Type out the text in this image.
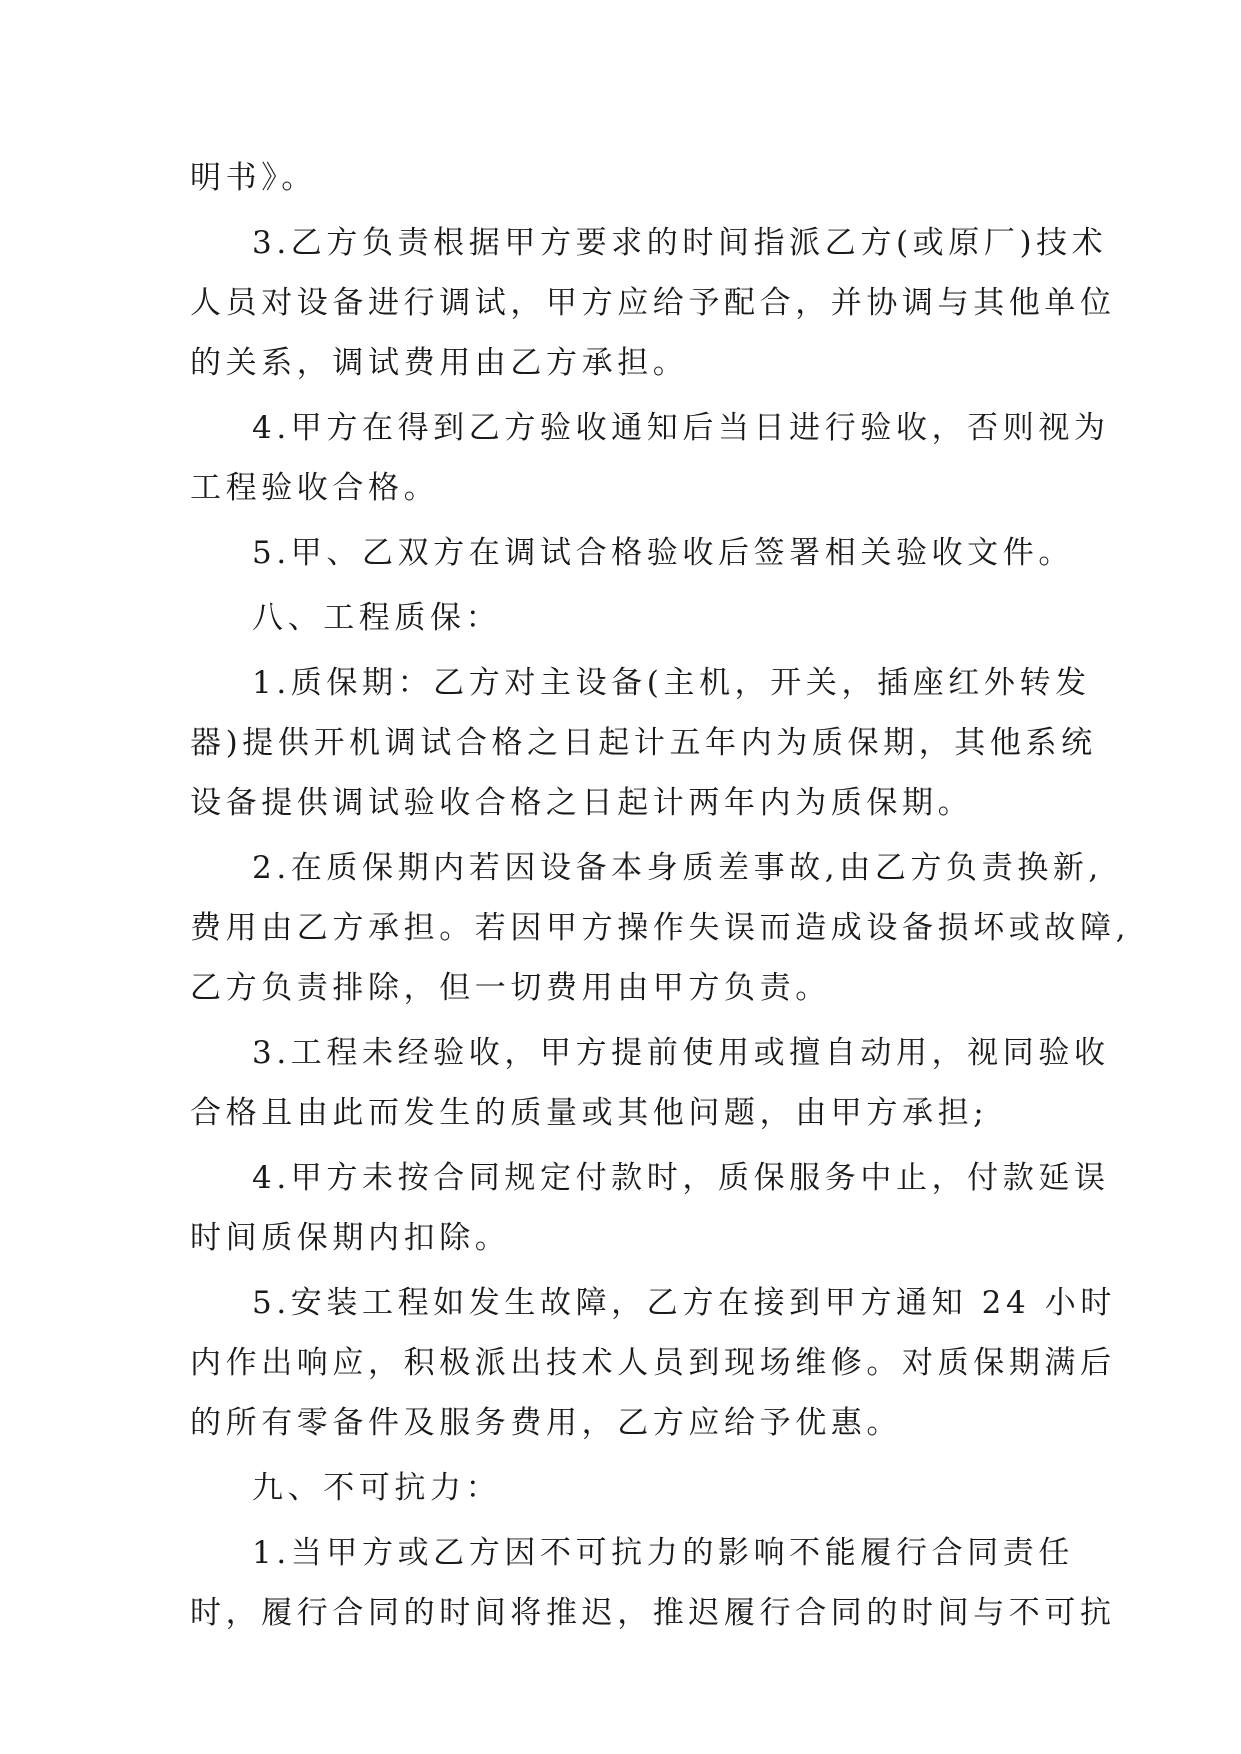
明书》。
3.乙方负责根据甲方要求的时间指派乙方(或原厂)技术
人员对设备进行调试，甲方应给予配合，并协调与其他单位
的关系，调试费用由乙方承担。
4.甲方在得到乙方验收通知后当日进行验收，否则视为
工程验收合格。
5.甲、乙双方在调试合格验收后签署相关验收文件。
八、工程质保：
1.质保期：乙方对主设备(主机，开关，插座红外转发
器)提供开机调试合格之日起计五年内为质保期，其他系统
设备提供调试验收合格之日起计两年内为质保期。
2.在质保期内若因设备本身质差事故,由乙方负责换新,
费用由乙方承担。若因甲方操作失误而造成设备损坏或故障,
乙方负责排除，但一切费用由甲方负责。
3.工程未经验收，甲方提前使用或擅自动用，视同验收
合格且由此而发生的质量或其他问题，由甲方承担;
4.甲方未按合同规定付款时，质保服务中止，付款延误
时间质保期内扣除。
5.安装工程如发生故障，乙方在接到甲方通知 24 小时
内作出响应，积极派出技术人员到现场维修。对质保期满后
的所有零备件及服务费用，乙方应给予优惠。
九、不可抗力：
1.当甲方或乙方因不可抗力的影响不能履行合同责任
时，履行合同的时间将推迟，推迟履行合同的时间与不可抗
